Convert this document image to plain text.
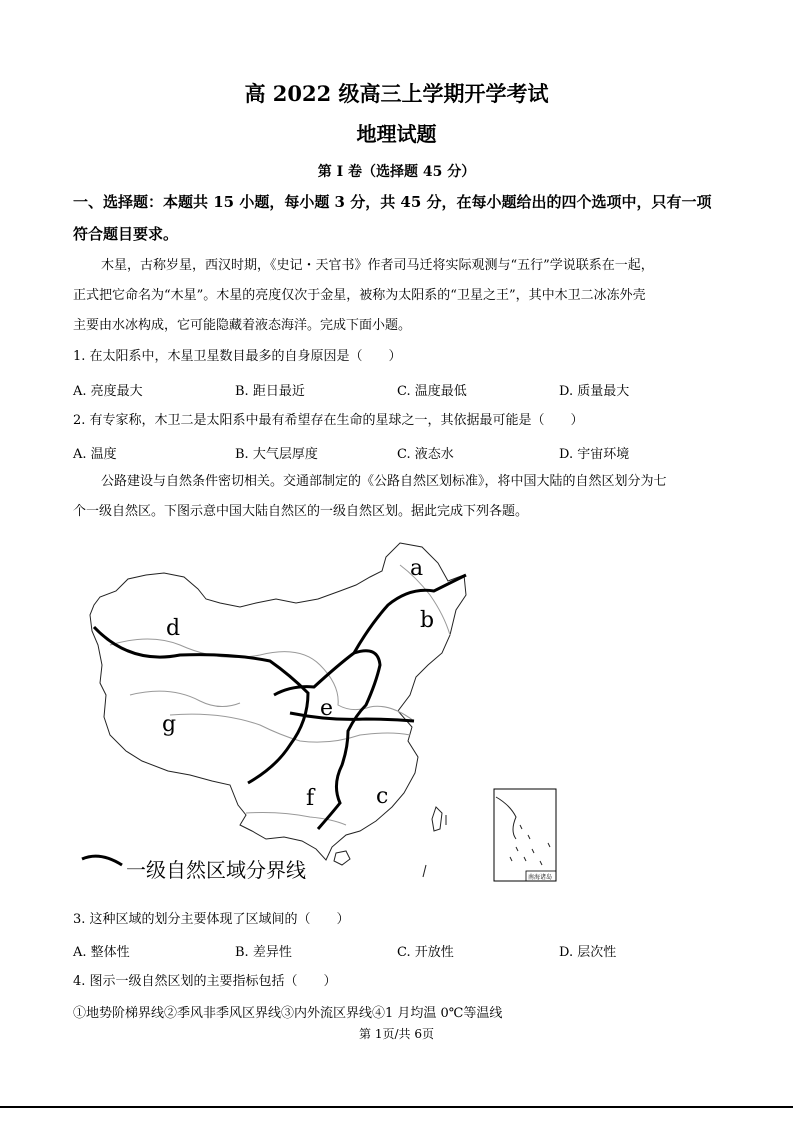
高 2022 级高三上学期开学考试
地理试题
第 I 卷（选择题 45 分）
一、选择题：本题共 15 小题，每小题 3 分，共 45 分，在每小题给出的四个选项中，只有一项
符合题目要求。
木星，古称岁星，西汉时期，《史记・天官书》作者司马迁将实际观测与“五行”学说联系在一起，
正式把它命名为“木星”。木星的亮度仅次于金星，被称为太阳系的“卫星之王”，其中木卫二冰冻外壳
主要由水冰构成，它可能隐藏着液态海洋。完成下面小题。
1. 在太阳系中，木星卫星数目最多的自身原因是（　　）
A. 亮度最大	B. 距日最近	C. 温度最低	D. 质量最大
2. 有专家称，木卫二是太阳系中最有希望存在生命的星球之一，其依据最可能是（　　）
A. 温度	B. 大气层厚度	C. 液态水	D. 宇宙环境
公路建设与自然条件密切相关。交通部制定的《公路自然区划标准》，将中国大陆的自然区划分为七
个一级自然区。下图示意中国大陆自然区的一级自然区划。据此完成下列各题。
a
b
c
d
e
f
g
一级自然区域分界线	南海诸岛
3. 这种区域的划分主要体现了区域间的（　　）
A. 整体性	B. 差异性	C. 开放性	D. 层次性
4. 图示一级自然区划的主要指标包括（　　）
①地势阶梯界线②季风非季风区界线③内外流区界线④1 月均温 0℃等温线
第 1页/共 6页
